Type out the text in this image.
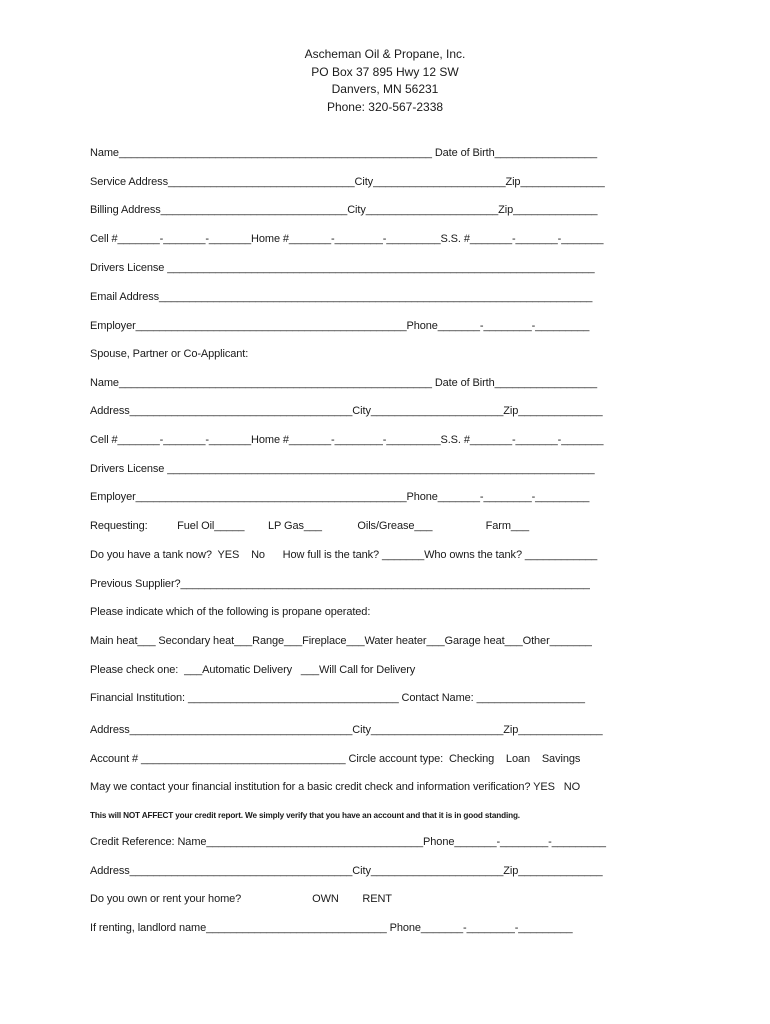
Ascheman Oil & Propane, Inc.
PO Box 37 895 Hwy 12 SW
Danvers, MN 56231
Phone: 320-567-2338
Name____________________________________________________ Date of Birth_________________
Service Address_______________________________City______________________Zip______________
Billing Address_______________________________City______________________Zip______________
Cell #_______-_______-_______Home #_______-________-_________S.S. #_______-_______-_______
Drivers License _______________________________________________________________________
Email Address________________________________________________________________________
Employer_____________________________________________Phone_______-________-_________
Spouse, Partner or Co-Applicant:
Name____________________________________________________ Date of Birth_________________
Address_____________________________________City______________________Zip______________
Cell #_______-_______-_______Home #_______-________-_________S.S. #_______-_______-_______
Drivers License _______________________________________________________________________
Employer_____________________________________________Phone_______-________-_________
Requesting:          Fuel Oil_____        LP Gas___            Oils/Grease___                  Farm___
Do you have a tank now?  YES    No      How full is the tank? _______Who owns the tank? ____________
Previous Supplier?____________________________________________________________________
Please indicate which of the following is propane operated:
Main heat___ Secondary heat___Range___Fireplace___Water heater___Garage heat___Other_______
Please check one:  ___Automatic Delivery   ___Will Call for Delivery
Financial Institution: ___________________________________ Contact Name: __________________
Address_____________________________________City______________________Zip______________
Account # __________________________________ Circle account type:  Checking    Loan    Savings
May we contact your financial institution for a basic credit check and information verification? YES   NO
This will NOT AFFECT your credit report. We simply verify that you have an account and that it is in good standing.
Credit Reference: Name____________________________________Phone_______-________-_________
Address_____________________________________City______________________Zip______________
Do you own or rent your home?                        OWN        RENT
If renting, landlord name______________________________ Phone_______-________-_________
